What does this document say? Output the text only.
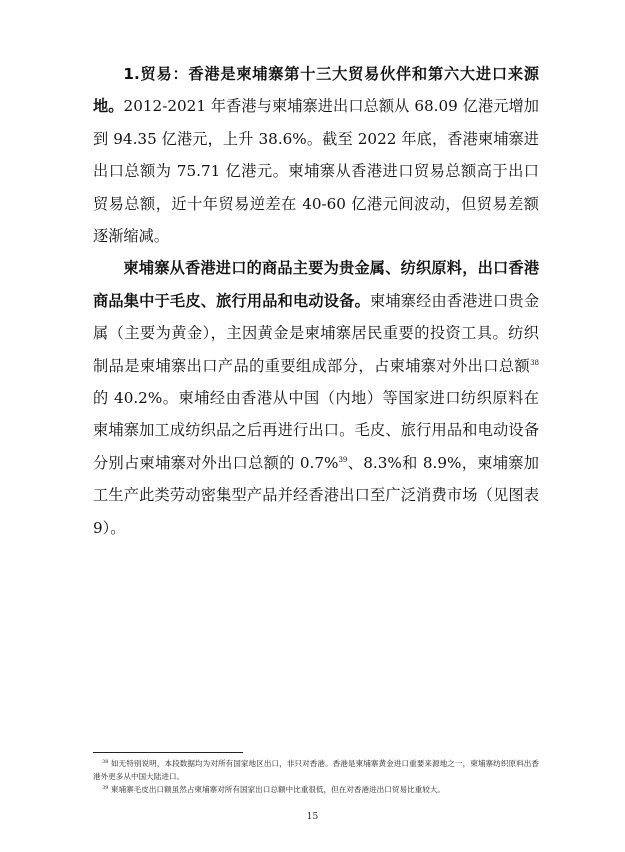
1.贸易：香港是柬埔寨第十三大贸易伙伴和第六大进口来源地。2012-2021 年香港与柬埔寨进出口总额从 68.09 亿港元增加到 94.35 亿港元，上升 38.6%。截至 2022 年底，香港柬埔寨进出口总额为 75.71 亿港元。柬埔寨从香港进口贸易总额高于出口贸易总额，近十年贸易逆差在 40-60 亿港元间波动，但贸易差额逐渐缩减。

柬埔寨从香港进口的商品主要为贵金属、纺织原料，出口香港商品集中于毛皮、旅行用品和电动设备。柬埔寨经由香港进口贵金属（主要为黄金），主因黄金是柬埔寨居民重要的投资工具。纺织制品是柬埔寨出口产品的重要组成部分，占柬埔寨对外出口总额$^{38}$的 40.2%。柬埔经由香港从中国（内地）等国家进口纺织原料在柬埔寨加工成纺织品之后再进行出口。毛皮、旅行用品和电动设备分别占柬埔寨对外出口总额的 0.7%$^{39}$、8.3%和 8.9%，柬埔寨加工生产此类劳动密集型产品并经香港出口至广泛消费市场（见图表 9）。

$^{38}$ 如无特别说明，本段数据均为对所有国家地区出口，非只对香港。香港是柬埔寨黄金进口重要来源地之一，柬埔寨纺织原料出香港外更多从中国大陆进口。

$^{39}$ 柬埔寨毛皮出口额虽然占柬埔寨对所有国家出口总额中比重很低，但在对香港进出口贸易比重较大。

15
